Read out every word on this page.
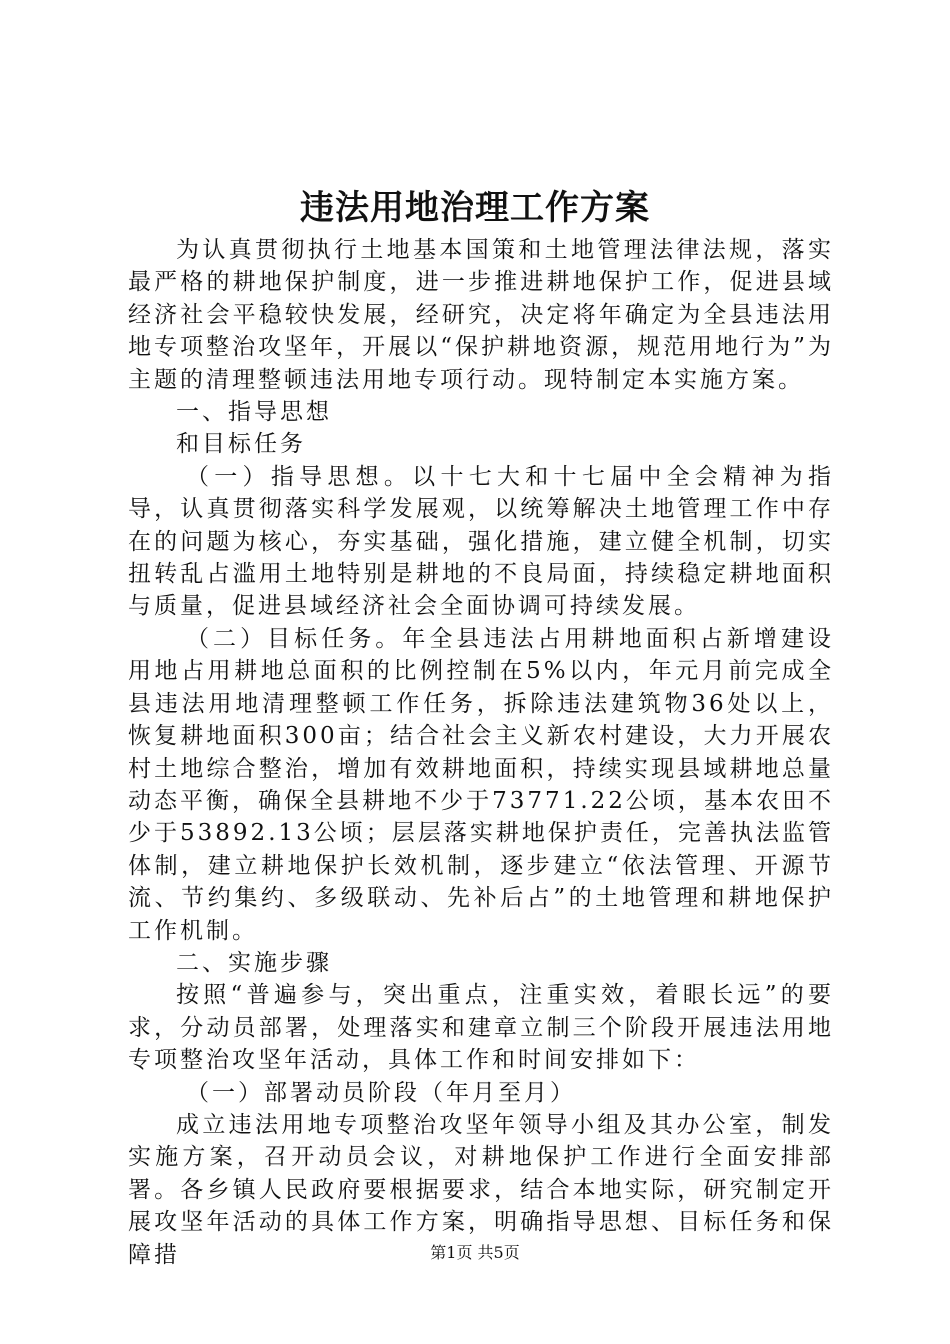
违法用地治理工作方案

为认真贯彻执行土地基本国策和土地管理法律法规，落实最严格的耕地保护制度，进一步推进耕地保护工作，促进县域经济社会平稳较快发展，经研究，决定将年确定为全县违法用地专项整治攻坚年，开展以“保护耕地资源，规范用地行为”为主题的清理整顿违法用地专项行动。现特制定本实施方案。

一、指导思想

和目标任务

（一）指导思想。以十七大和十七届中全会精神为指导，认真贯彻落实科学发展观，以统筹解决土地管理工作中存在的问题为核心，夯实基础，强化措施，建立健全机制，切实扭转乱占滥用土地特别是耕地的不良局面，持续稳定耕地面积与质量，促进县域经济社会全面协调可持续发展。

（二）目标任务。年全县违法占用耕地面积占新增建设用地占用耕地总面积的比例控制在5%以内，年元月前完成全县违法用地清理整顿工作任务，拆除违法建筑物36处以上，恢复耕地面积300亩；结合社会主义新农村建设，大力开展农村土地综合整治，增加有效耕地面积，持续实现县域耕地总量动态平衡，确保全县耕地不少于73771.22公顷，基本农田不少于53892.13公顷；层层落实耕地保护责任，完善执法监管体制，建立耕地保护长效机制，逐步建立“依法管理、开源节流、节约集约、多级联动、先补后占”的土地管理和耕地保护工作机制。

二、实施步骤

按照“普遍参与，突出重点，注重实效，着眼长远”的要求，分动员部署，处理落实和建章立制三个阶段开展违法用地专项整治攻坚年活动，具体工作和时间安排如下：

（一）部署动员阶段（年月至月）

成立违法用地专项整治攻坚年领导小组及其办公室，制发实施方案，召开动员会议，对耕地保护工作进行全面安排部署。各乡镇人民政府要根据要求，结合本地实际，研究制定开展攻坚年活动的具体工作方案，明确指导思想、目标任务和保障措	第1页 共5页
